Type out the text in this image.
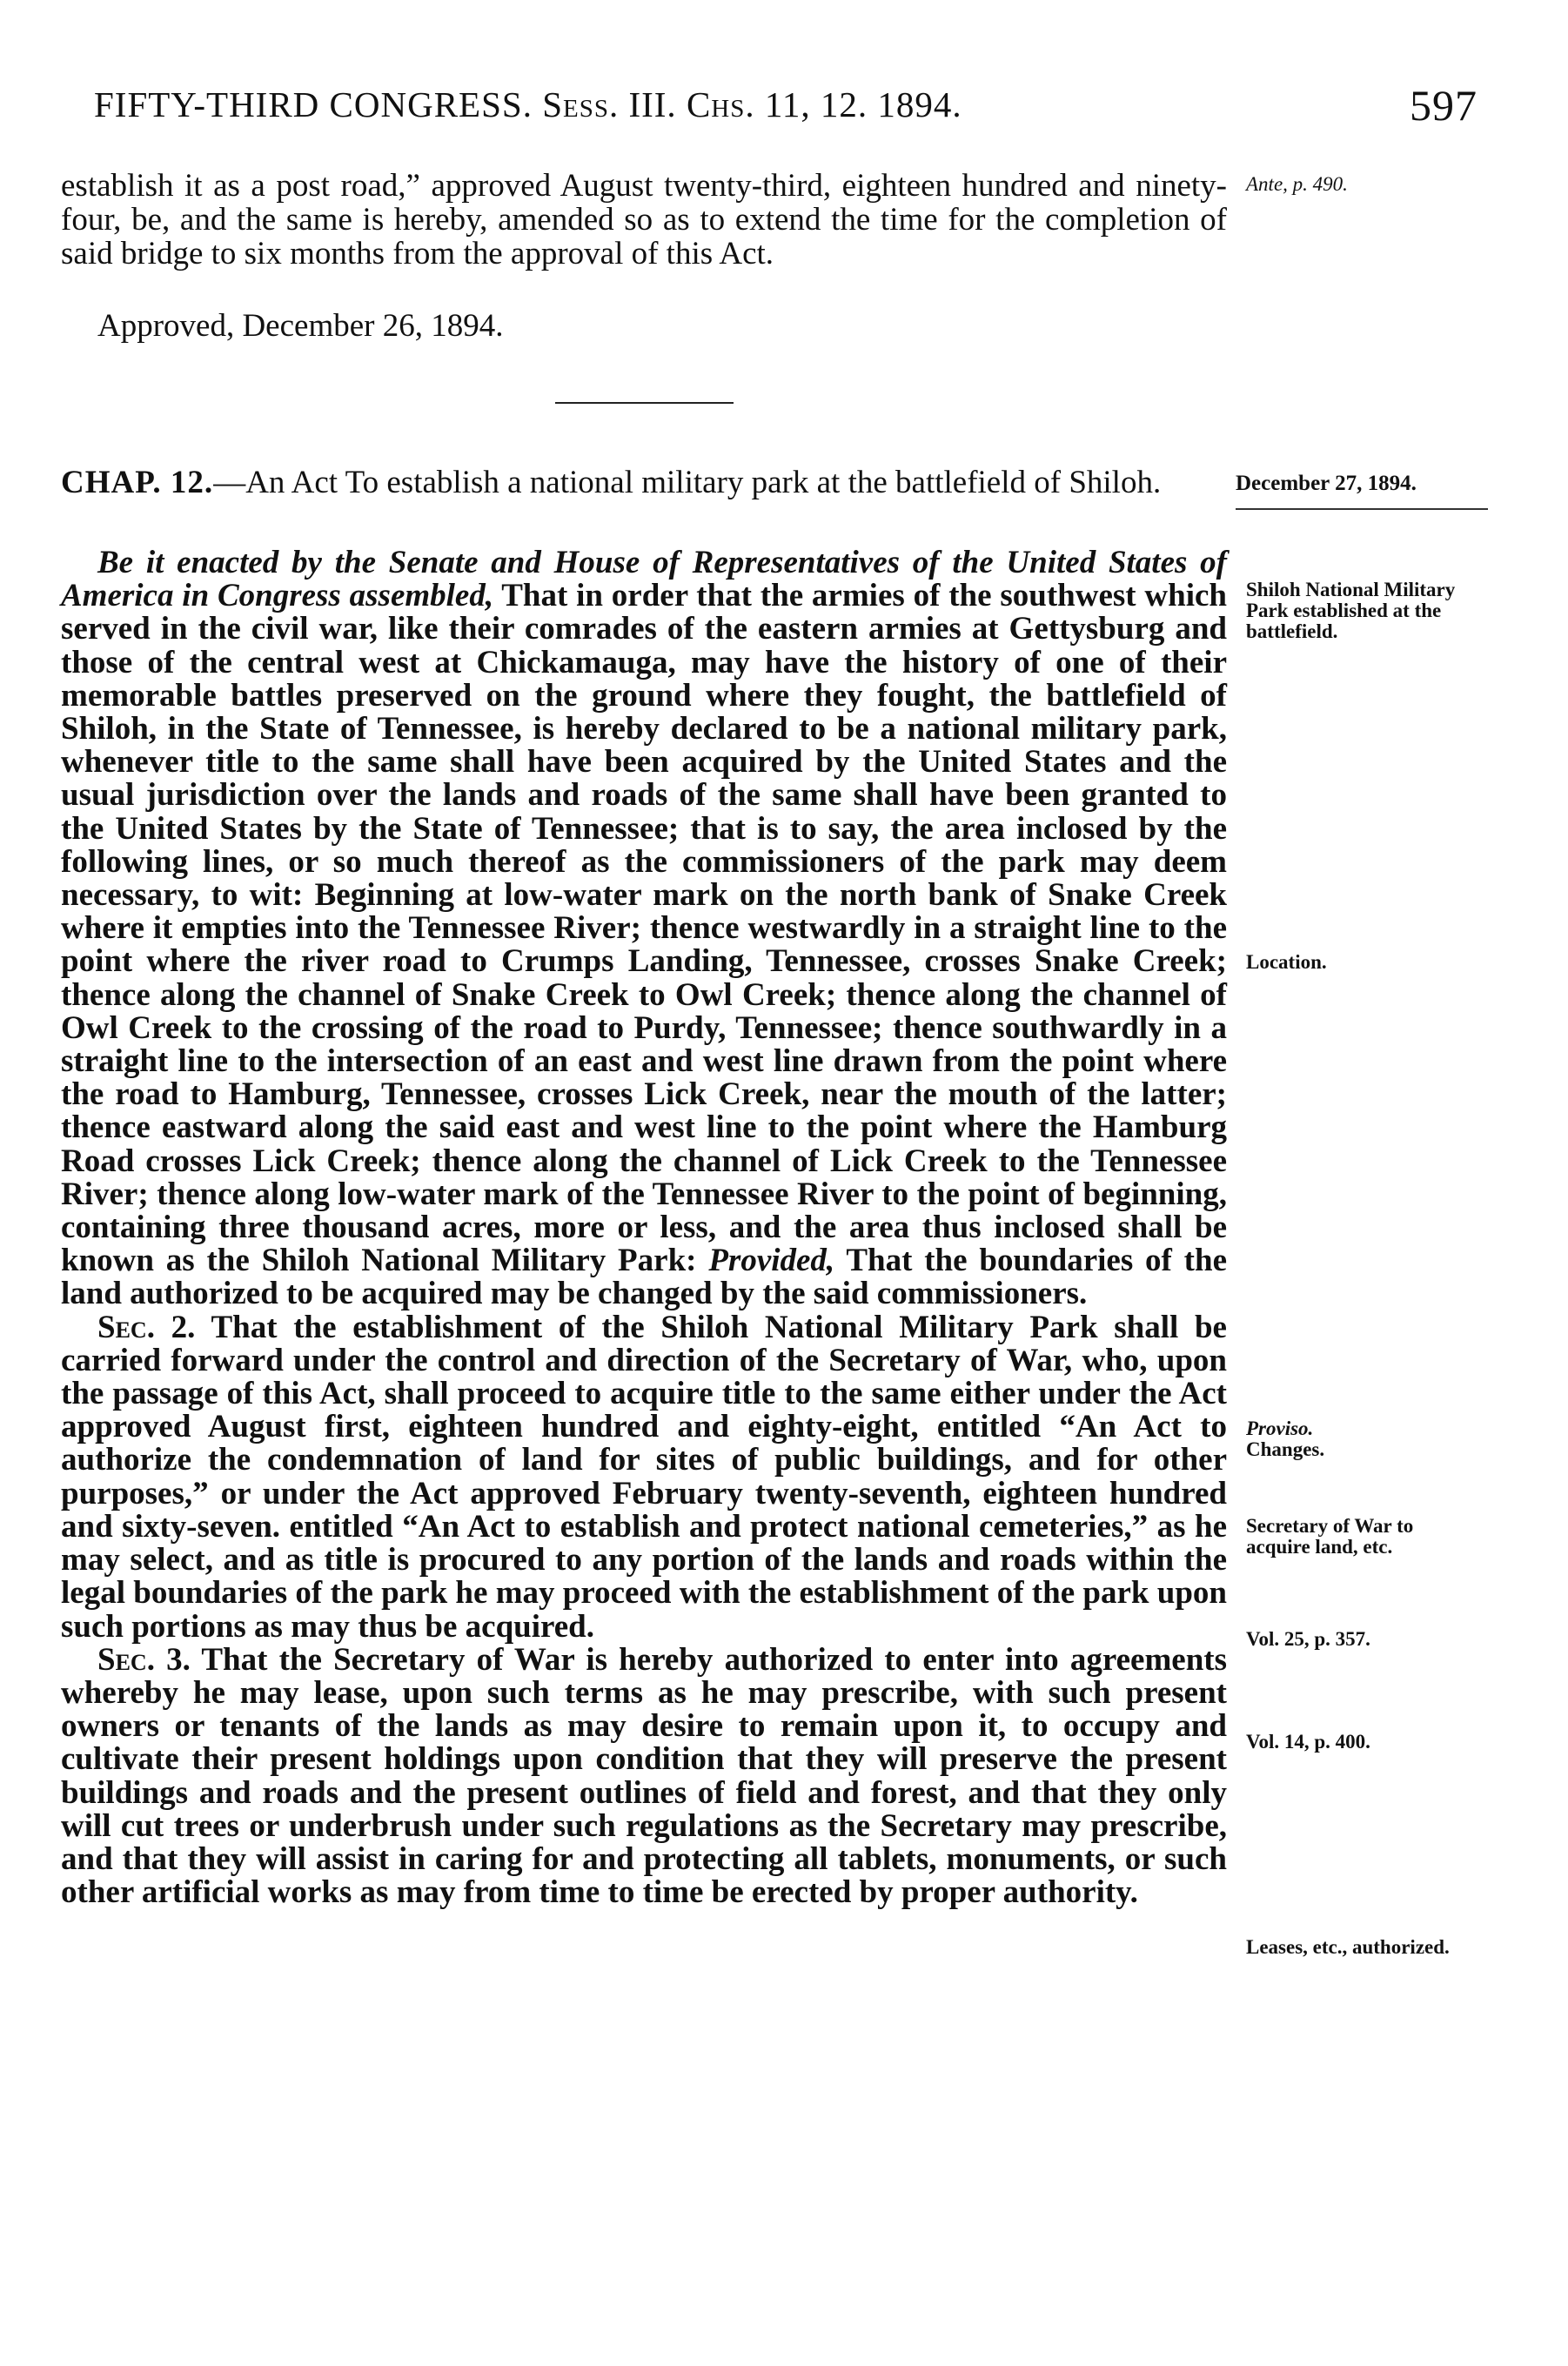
FIFTY-THIRD CONGRESS. Sess. III. Chs. 11, 12. 1894.	597

establish it as a post road,” approved August twenty-third, eighteen hundred and ninety-four, be, and the same is hereby, amended so as to extend the time for the completion of said bridge to six months from the approval of this Act.

Approved, December 26, 1894.

CHAP. 12.—An Act To establish a national military park at the battlefield of Shiloh.	December 27, 1894.

Be it enacted by the Senate and House of Representatives of the United States of America in Congress assembled, That in order that the armies of the southwest which served in the civil war, like their comrades of the eastern armies at Gettysburg and those of the central west at Chickamauga, may have the history of one of their memorable battles preserved on the ground where they fought, the battlefield of Shiloh, in the State of Tennessee, is hereby declared to be a national military park, whenever title to the same shall have been acquired by the United States and the usual jurisdiction over the lands and roads of the same shall have been granted to the United States by the State of Tennessee; that is to say, the area inclosed by the following lines, or so much thereof as the commissioners of the park may deem necessary, to wit: Beginning at low-water mark on the north bank of Snake Creek where it empties into the Tennessee River; thence westwardly in a straight line to the point where the river road to Crumps Landing, Tennessee, crosses Snake Creek; thence along the channel of Snake Creek to Owl Creek; thence along the channel of Owl Creek to the crossing of the road to Purdy, Tennessee; thence southwardly in a straight line to the intersection of an east and west line drawn from the point where the road to Hamburg, Tennessee, crosses Lick Creek, near the mouth of the latter; thence eastward along the said east and west line to the point where the Hamburg Road crosses Lick Creek; thence along the channel of Lick Creek to the Tennessee River; thence along low-water mark of the Tennessee River to the point of beginning, containing three thousand acres, more or less, and the area thus inclosed shall be known as the Shiloh National Military Park: Provided, That the boundaries of the land authorized to be acquired may be changed by the said commissioners.

Sec. 2. That the establishment of the Shiloh National Military Park shall be carried forward under the control and direction of the Secretary of War, who, upon the passage of this Act, shall proceed to acquire title to the same either under the Act approved August first, eighteen hundred and eighty-eight, entitled “An Act to authorize the condemnation of land for sites of public buildings, and for other purposes,” or under the Act approved February twenty-seventh, eighteen hundred and sixty-seven. entitled “An Act to establish and protect national cemeteries,” as he may select, and as title is procured to any portion of the lands and roads within the legal boundaries of the park he may proceed with the establishment of the park upon such portions as may thus be acquired.

Sec. 3. That the Secretary of War is hereby authorized to enter into agreements whereby he may lease, upon such terms as he may prescribe, with such present owners or tenants of the lands as may desire to remain upon it, to occupy and cultivate their present holdings upon condition that they will preserve the present buildings and roads and the present outlines of field and forest, and that they only will cut trees or underbrush under such regulations as the Secretary may prescribe, and that they will assist in caring for and protecting all tablets, monuments, or such other artificial works as may from time to time be erected by proper authority.

Ante, p. 490.
Shiloh National Military Park established at the battlefield.
Location.
Proviso.
Changes.
Secretary of War to acquire land, etc.
Vol. 25, p. 357.
Vol. 14, p. 400.
Leases, etc., authorized.
